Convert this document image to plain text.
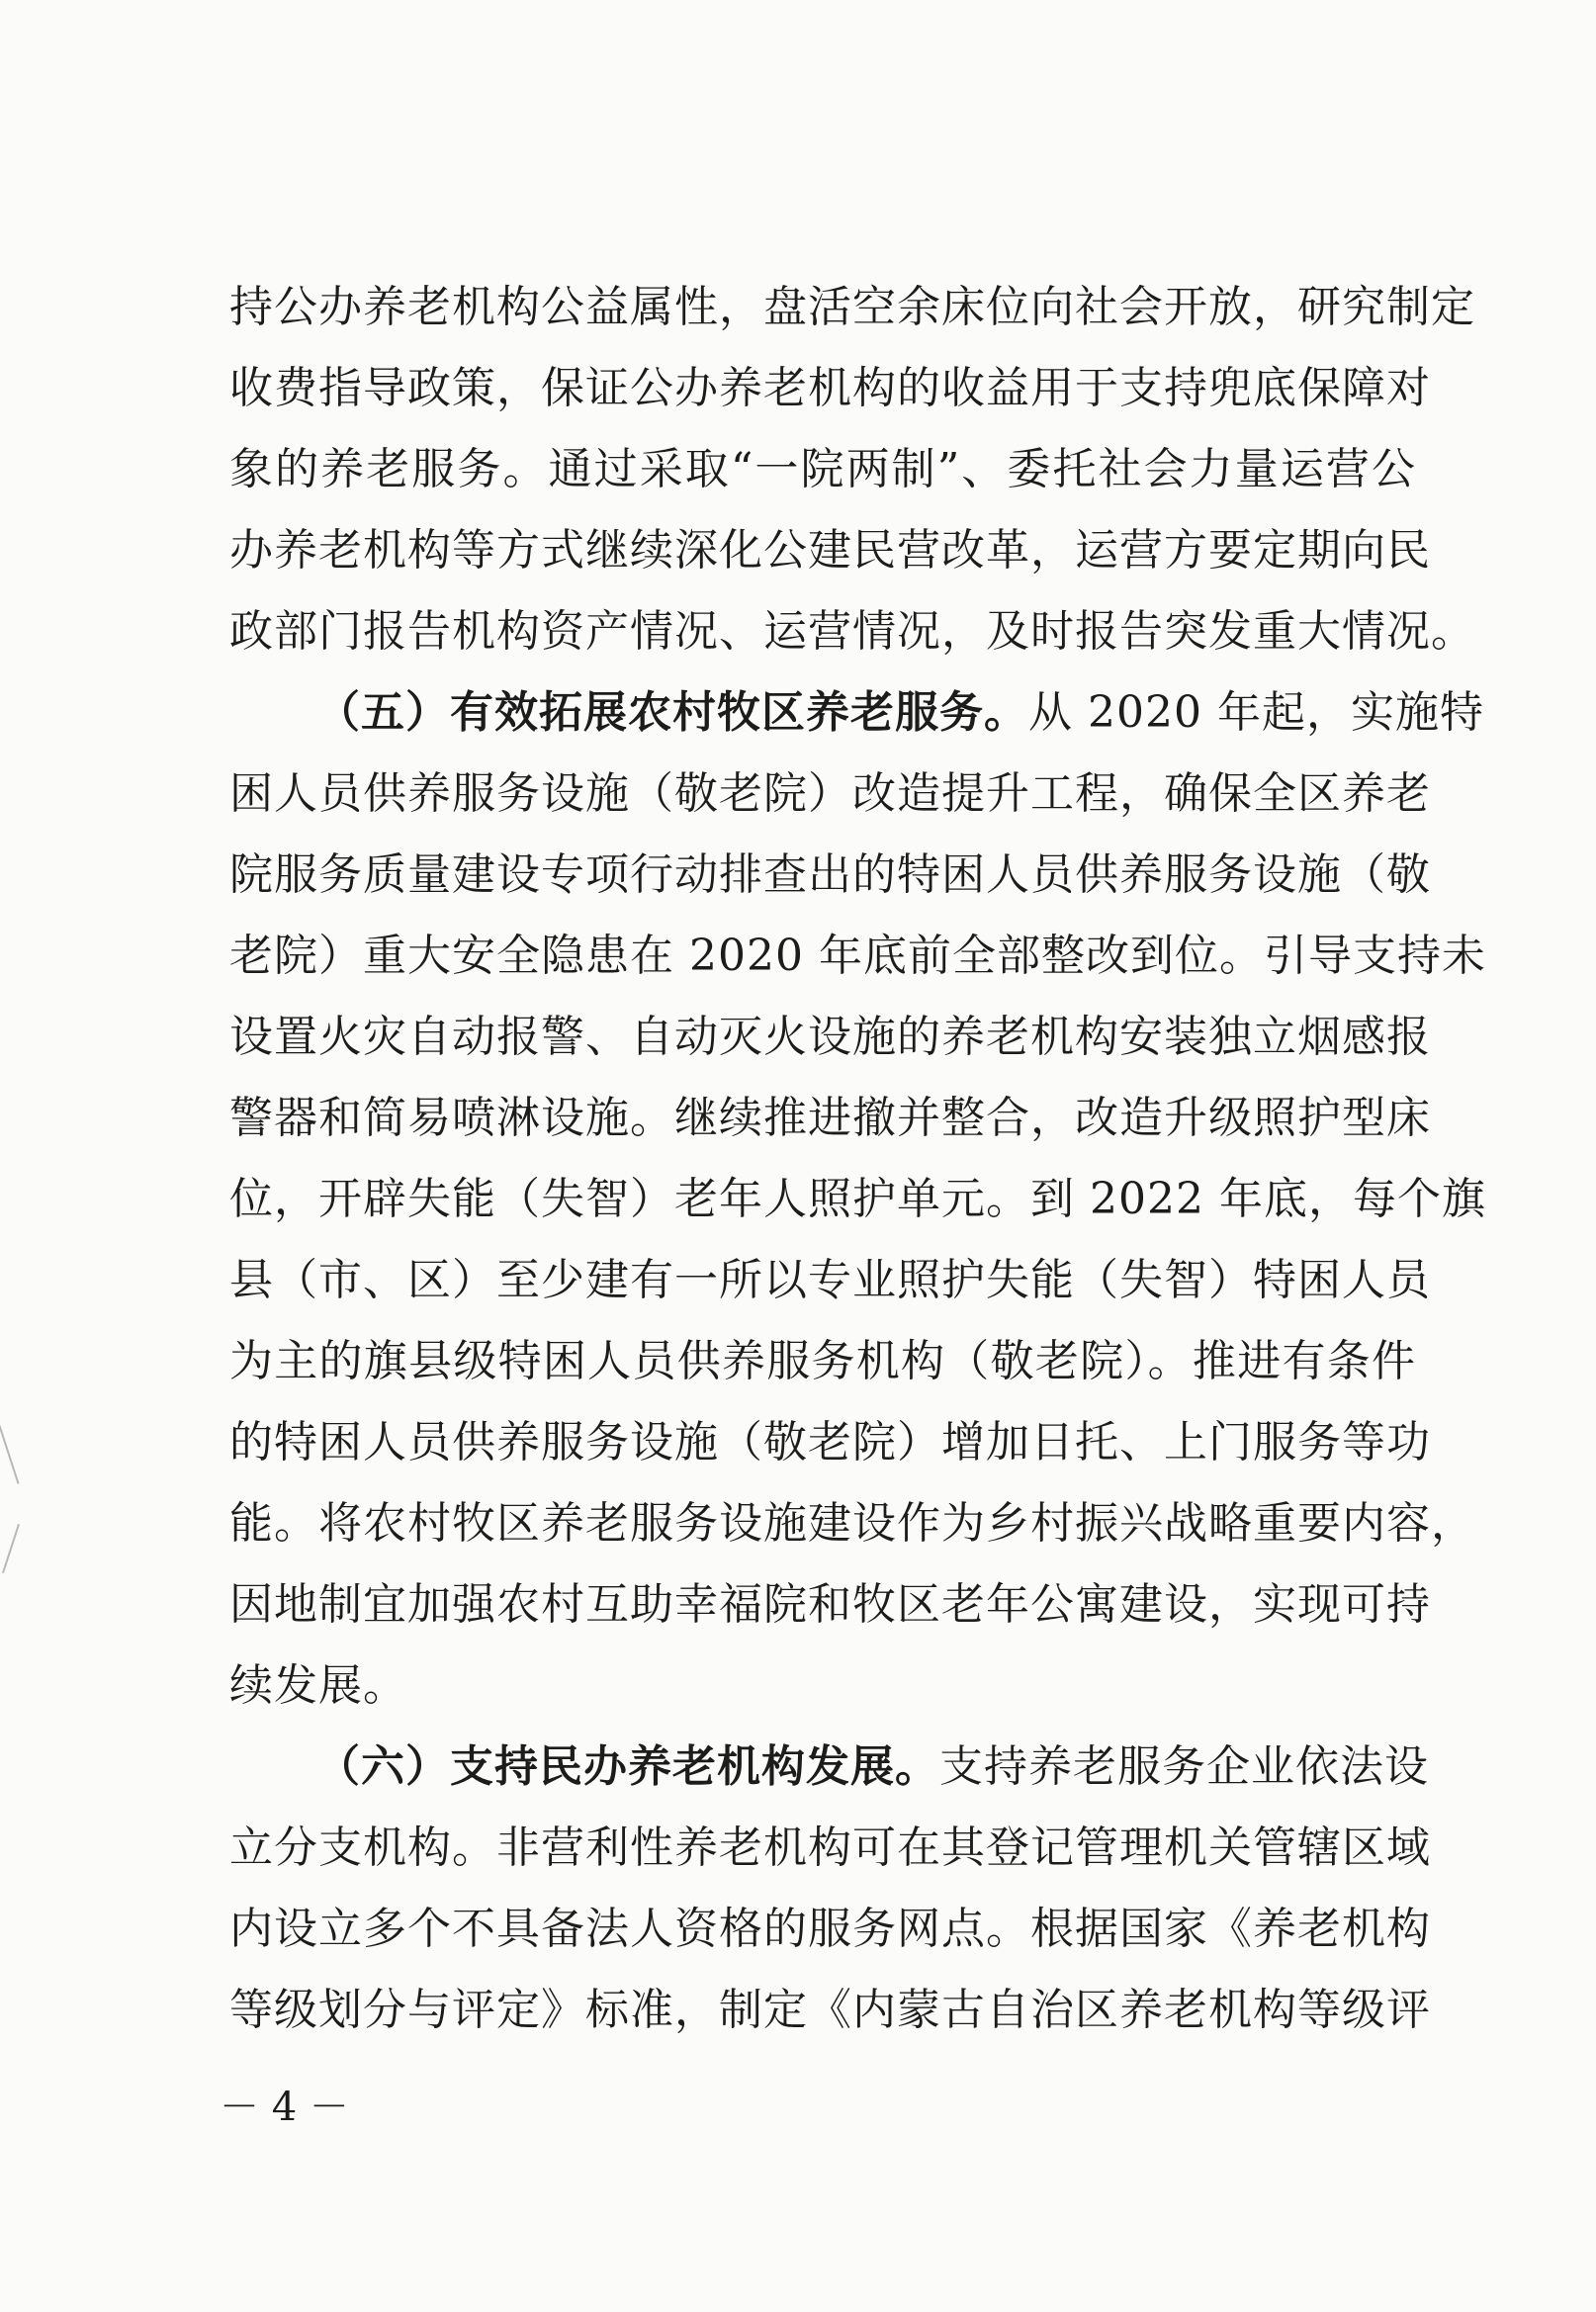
持公办养老机构公益属性，盘活空余床位向社会开放，研究制定
收费指导政策，保证公办养老机构的收益用于支持兜底保障对
象的养老服务。通过采取“一院两制”、委托社会力量运营公
办养老机构等方式继续深化公建民营改革，运营方要定期向民
政部门报告机构资产情况、运营情况，及时报告突发重大情况。
（五）有效拓展农村牧区养老服务。从 2020 年起，实施特
困人员供养服务设施（敬老院）改造提升工程，确保全区养老
院服务质量建设专项行动排查出的特困人员供养服务设施（敬
老院）重大安全隐患在 2020 年底前全部整改到位。引导支持未
设置火灾自动报警、自动灭火设施的养老机构安装独立烟感报
警器和简易喷淋设施。继续推进撤并整合，改造升级照护型床
位，开辟失能（失智）老年人照护单元。到 2022 年底，每个旗
县（市、区）至少建有一所以专业照护失能（失智）特困人员
为主的旗县级特困人员供养服务机构（敬老院）。推进有条件
的特困人员供养服务设施（敬老院）增加日托、上门服务等功
能。将农村牧区养老服务设施建设作为乡村振兴战略重要内容，
因地制宜加强农村互助幸福院和牧区老年公寓建设，实现可持
续发展。
（六）支持民办养老机构发展。支持养老服务企业依法设
立分支机构。非营利性养老机构可在其登记管理机关管辖区域
内设立多个不具备法人资格的服务网点。根据国家《养老机构
等级划分与评定》标准，制定《内蒙古自治区养老机构等级评
－ 4 －
